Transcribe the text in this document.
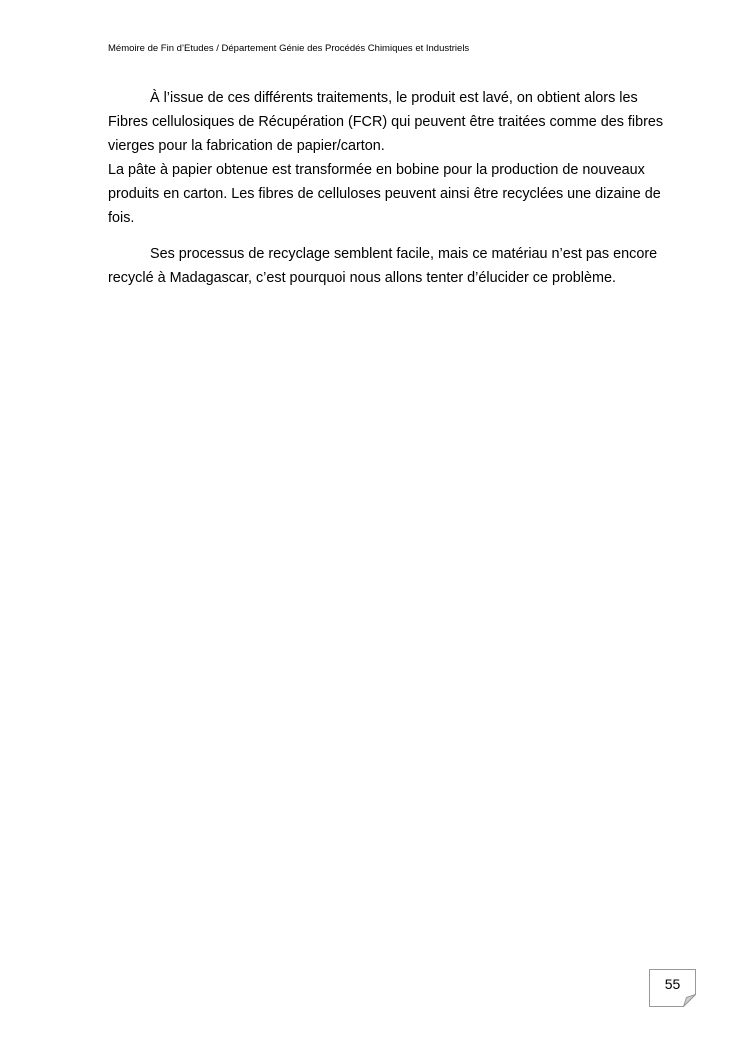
Mémoire de Fin d’Etudes / Département Génie des Procédés Chimiques et Industriels

À l’issue de ces différents traitements, le produit est lavé, on obtient alors les

Fibres cellulosiques de Récupération (FCR) qui peuvent être traitées comme des fibres

vierges pour la fabrication de papier/carton.

La pâte à papier obtenue est transformée en bobine pour la production de nouveaux

produits en carton. Les fibres de celluloses peuvent ainsi être recyclées une dizaine de

fois.

Ses processus de recyclage semblent facile, mais ce matériau n’est pas encore

recyclé à Madagascar, c’est pourquoi nous allons tenter d’élucider ce problème.

55
